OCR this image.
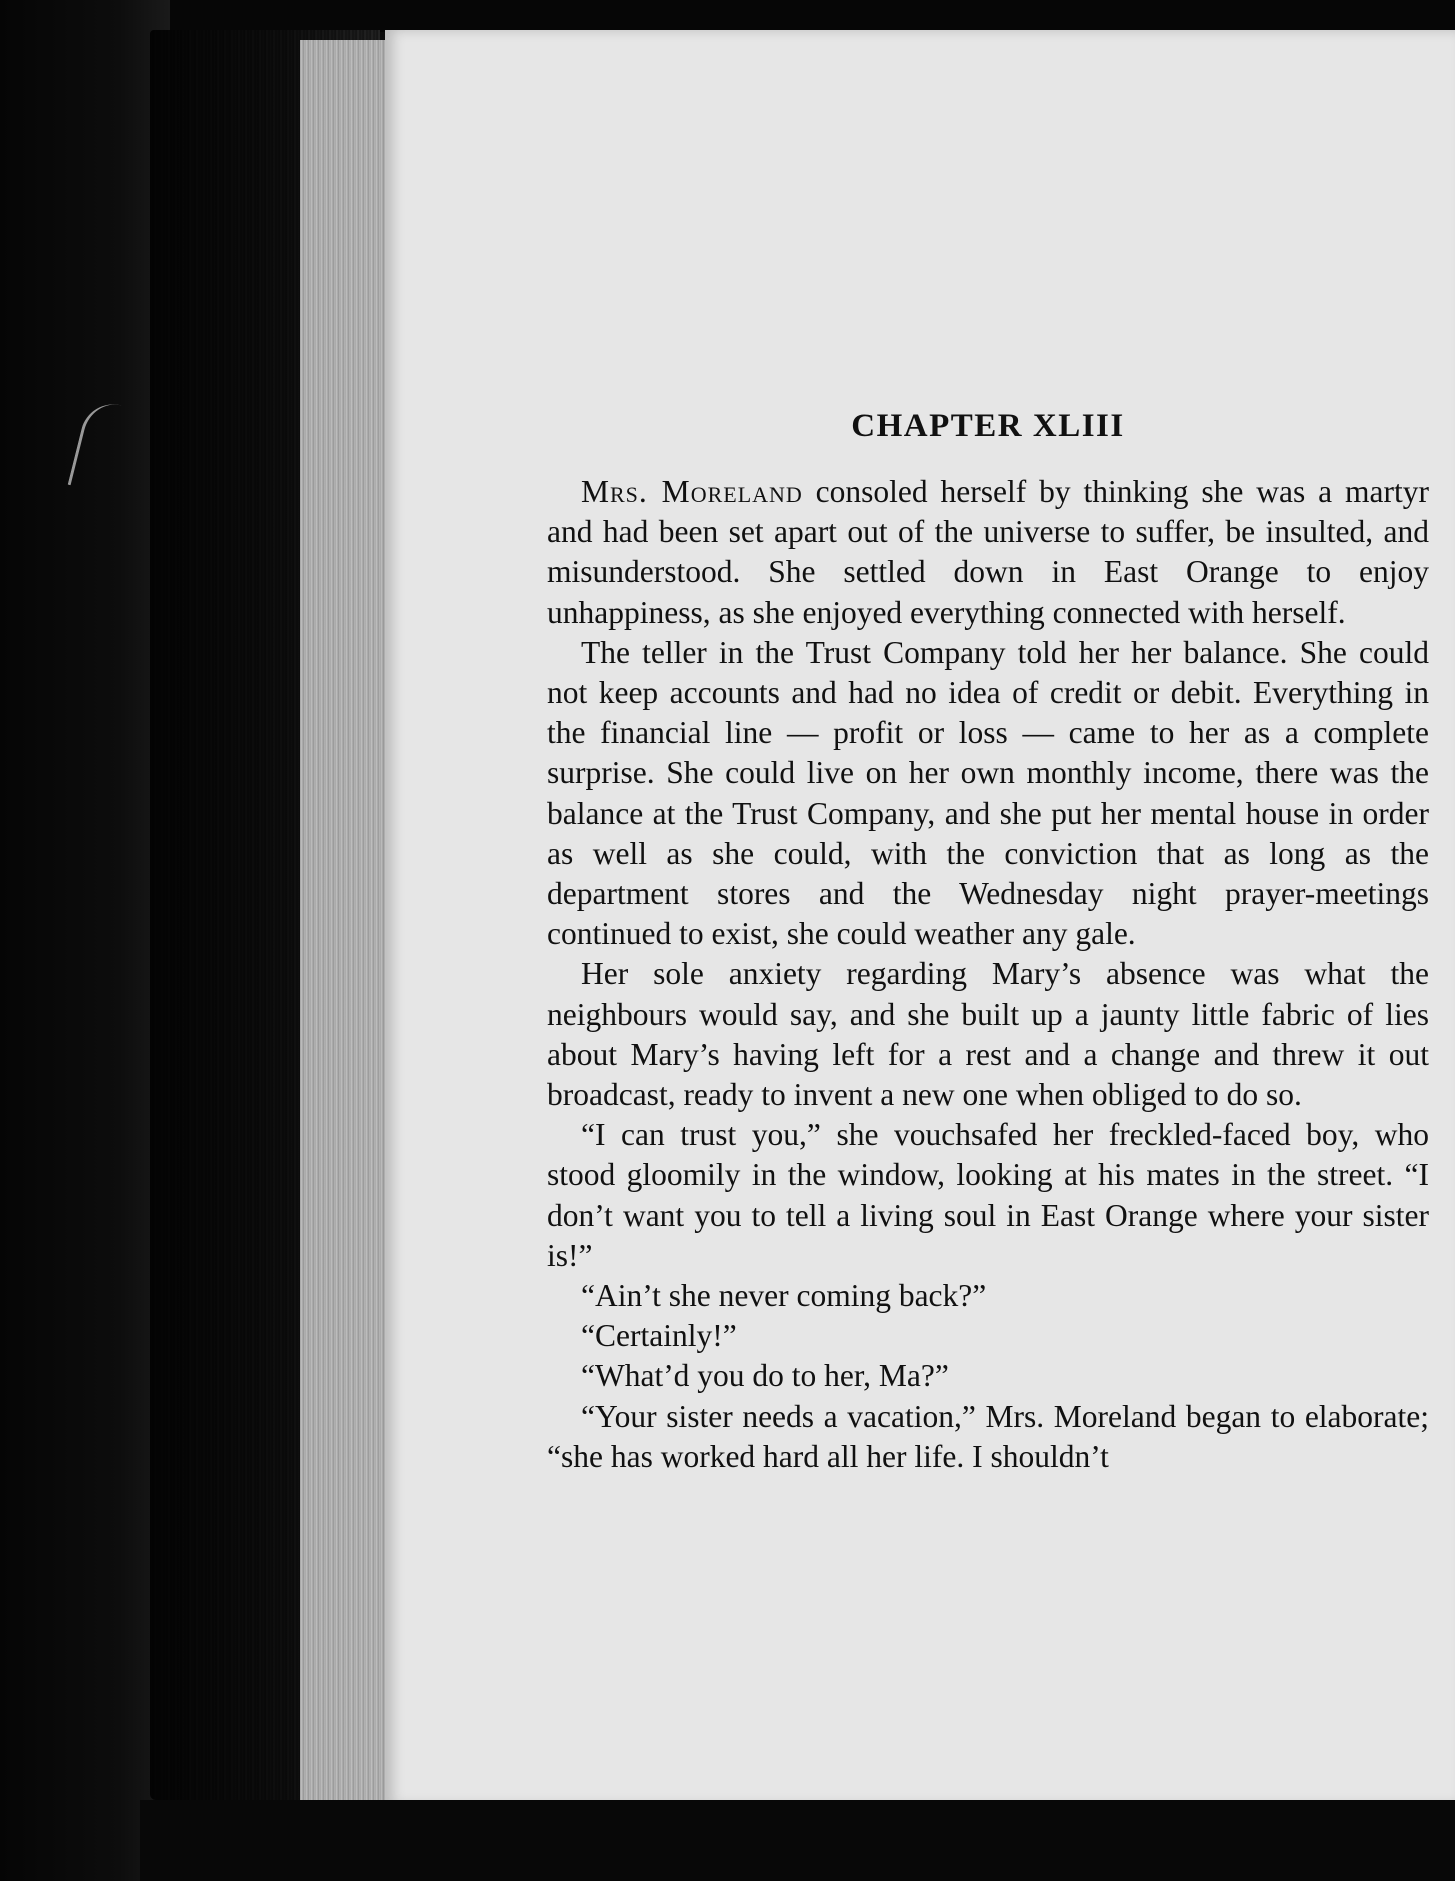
CHAPTER XLIII

Mrs. Moreland consoled herself by thinking she was a martyr and had been set apart out of the universe to suffer, be insulted, and misunderstood. She settled down in East Orange to enjoy unhappiness, as she enjoyed everything connected with herself.

The teller in the Trust Company told her her balance. She could not keep accounts and had no idea of credit or debit. Everything in the financial line — profit or loss — came to her as a complete surprise. She could live on her own monthly income, there was the balance at the Trust Company, and she put her mental house in order as well as she could, with the conviction that as long as the department stores and the Wednesday night prayer-meetings continued to exist, she could weather any gale.

Her sole anxiety regarding Mary’s absence was what the neighbours would say, and she built up a jaunty little fabric of lies about Mary’s having left for a rest and a change and threw it out broadcast, ready to invent a new one when obliged to do so.

“I can trust you,” she vouchsafed her freckled-faced boy, who stood gloomily in the window, looking at his mates in the street. “I don’t want you to tell a living soul in East Orange where your sister is!”

“Ain’t she never coming back?”

“Certainly!”

“What’d you do to her, Ma?”

“Your sister needs a vacation,” Mrs. Moreland began to elaborate; “she has worked hard all her life. I shouldn’t
